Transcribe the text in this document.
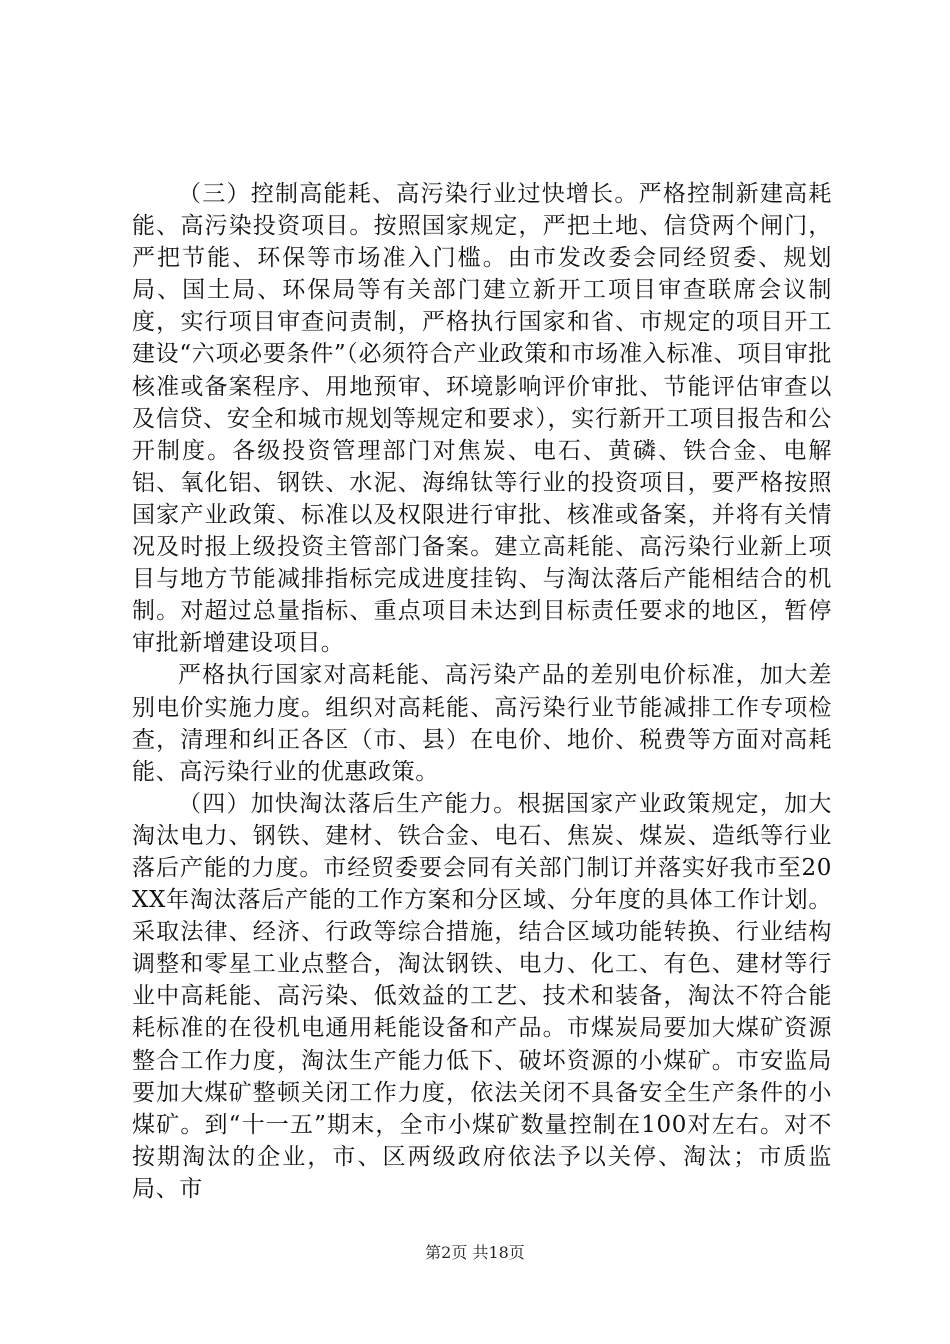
（三）控制高能耗、高污染行业过快增长。严格控制新建高耗能、高污染投资项目。按照国家规定，严把土地、信贷两个闸门，严把节能、环保等市场准入门槛。由市发改委会同经贸委、规划局、国土局、环保局等有关部门建立新开工项目审查联席会议制度，实行项目审查问责制，严格执行国家和省、市规定的项目开工建设“六项必要条件”（必须符合产业政策和市场准入标准、项目审批核准或备案程序、用地预审、环境影响评价审批、节能评估审查以及信贷、安全和城市规划等规定和要求），实行新开工项目报告和公开制度。各级投资管理部门对焦炭、电石、黄磷、铁合金、电解铝、氧化铝、钢铁、水泥、海绵钛等行业的投资项目，要严格按照国家产业政策、标准以及权限进行审批、核准或备案，并将有关情况及时报上级投资主管部门备案。建立高耗能、高污染行业新上项目与地方节能减排指标完成进度挂钩、与淘汰落后产能相结合的机制。对超过总量指标、重点项目未达到目标责任要求的地区，暂停审批新增建设项目。

严格执行国家对高耗能、高污染产品的差别电价标准，加大差别电价实施力度。组织对高耗能、高污染行业节能减排工作专项检查，清理和纠正各区（市、县）在电价、地价、税费等方面对高耗能、高污染行业的优惠政策。

（四）加快淘汰落后生产能力。根据国家产业政策规定，加大淘汰电力、钢铁、建材、铁合金、电石、焦炭、煤炭、造纸等行业落后产能的力度。市经贸委要会同有关部门制订并落实好我市至20XX年淘汰落后产能的工作方案和分区域、分年度的具体工作计划。采取法律、经济、行政等综合措施，结合区域功能转换、行业结构调整和零星工业点整合，淘汰钢铁、电力、化工、有色、建材等行业中高耗能、高污染、低效益的工艺、技术和装备，淘汰不符合能耗标准的在役机电通用耗能设备和产品。市煤炭局要加大煤矿资源整合工作力度，淘汰生产能力低下、破坏资源的小煤矿。市安监局要加大煤矿整顿关闭工作力度，依法关闭不具备安全生产条件的小煤矿。到“十一五”期末，全市小煤矿数量控制在100对左右。对不按期淘汰的企业，市、区两级政府依法予以关停、淘汰；市质监局、市

第2页 共18页
